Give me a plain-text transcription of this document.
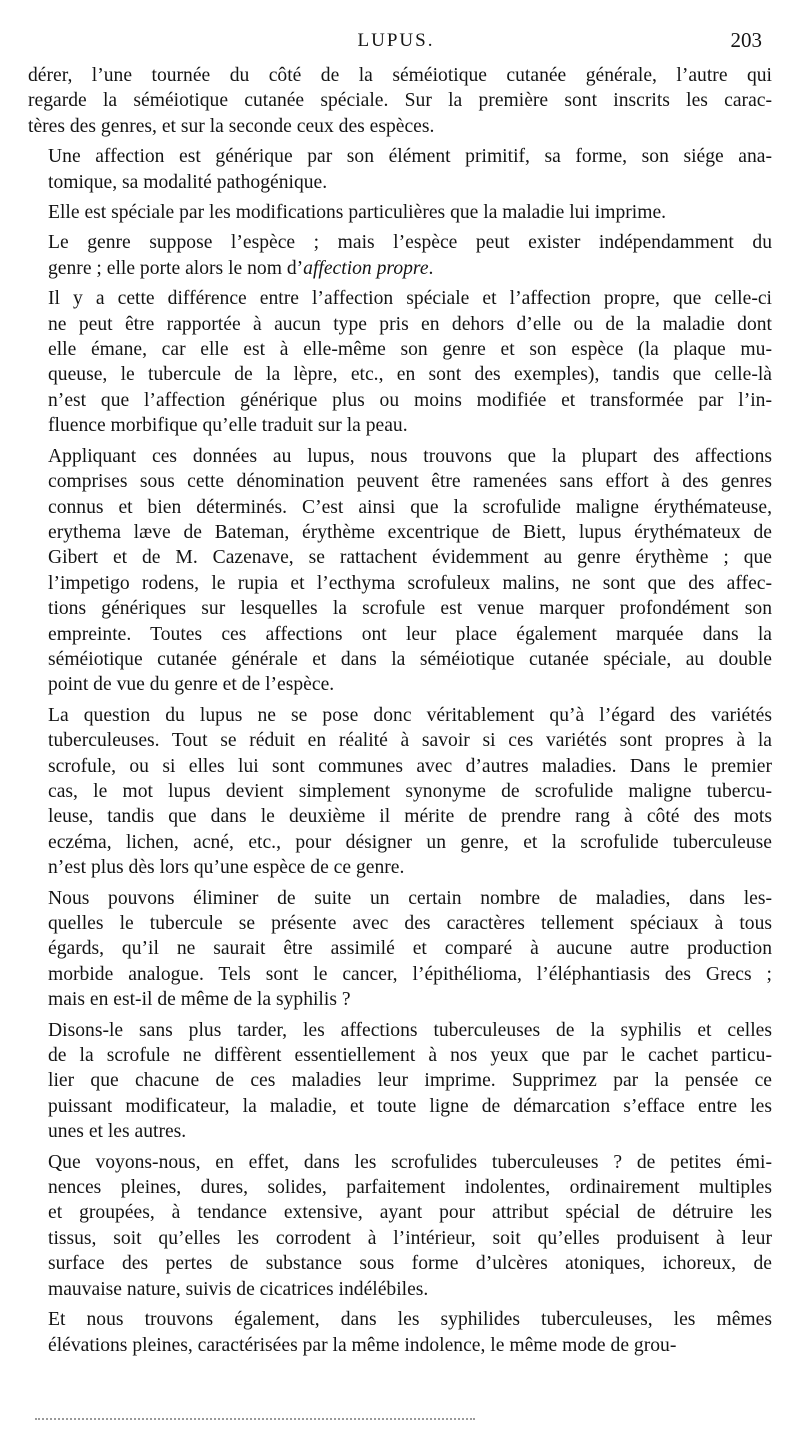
LUPUS.	203

dérer, l’une tournée du côté de la séméiotique cutanée générale, l’autre qui
regarde la séméiotique cutanée spéciale. Sur la première sont inscrits les carac-
tères des genres, et sur la seconde ceux des espèces.

Une affection est générique par son élément primitif, sa forme, son siége ana-
tomique, sa modalité pathogénique.

Elle est spéciale par les modifications particulières que la maladie lui imprime.

Le genre suppose l’espèce ; mais l’espèce peut exister indépendamment du
genre ; elle porte alors le nom d’affection propre.

Il y a cette différence entre l’affection spéciale et l’affection propre, que celle-ci
ne peut être rapportée à aucun type pris en dehors d’elle ou de la maladie dont
elle émane, car elle est à elle-même son genre et son espèce (la plaque mu-
queuse, le tubercule de la lèpre, etc., en sont des exemples), tandis que celle-là
n’est que l’affection générique plus ou moins modifiée et transformée par l’in-
fluence morbifique qu’elle traduit sur la peau.

Appliquant ces données au lupus, nous trouvons que la plupart des affections
comprises sous cette dénomination peuvent être ramenées sans effort à des genres
connus et bien déterminés. C’est ainsi que la scrofulide maligne érythémateuse,
erythema læve de Bateman, érythème excentrique de Biett, lupus érythémateux de
Gibert et de M. Cazenave, se rattachent évidemment au genre érythème ; que
l’impetigo rodens, le rupia et l’ecthyma scrofuleux malins, ne sont que des affec-
tions génériques sur lesquelles la scrofule est venue marquer profondément son
empreinte. Toutes ces affections ont leur place également marquée dans la
séméiotique cutanée générale et dans la séméiotique cutanée spéciale, au double
point de vue du genre et de l’espèce.

La question du lupus ne se pose donc véritablement qu’à l’égard des variétés
tuberculeuses. Tout se réduit en réalité à savoir si ces variétés sont propres à la
scrofule, ou si elles lui sont communes avec d’autres maladies. Dans le premier
cas, le mot lupus devient simplement synonyme de scrofulide maligne tubercu-
leuse, tandis que dans le deuxième il mérite de prendre rang à côté des mots
eczéma, lichen, acné, etc., pour désigner un genre, et la scrofulide tuberculeuse
n’est plus dès lors qu’une espèce de ce genre.

Nous pouvons éliminer de suite un certain nombre de maladies, dans les-
quelles le tubercule se présente avec des caractères tellement spéciaux à tous
égards, qu’il ne saurait être assimilé et comparé à aucune autre production
morbide analogue. Tels sont le cancer, l’épithélioma, l’éléphantiasis des Grecs ;
mais en est-il de même de la syphilis ?

Disons-le sans plus tarder, les affections tuberculeuses de la syphilis et celles
de la scrofule ne diffèrent essentiellement à nos yeux que par le cachet particu-
lier que chacune de ces maladies leur imprime. Supprimez par la pensée ce
puissant modificateur, la maladie, et toute ligne de démarcation s’efface entre les
unes et les autres.

Que voyons-nous, en effet, dans les scrofulides tuberculeuses ? de petites émi-
nences pleines, dures, solides, parfaitement indolentes, ordinairement multiples
et groupées, à tendance extensive, ayant pour attribut spécial de détruire les
tissus, soit qu’elles les corrodent à l’intérieur, soit qu’elles produisent à leur
surface des pertes de substance sous forme d’ulcères atoniques, ichoreux, de
mauvaise nature, suivis de cicatrices indélébiles.

Et nous trouvons également, dans les syphilides tuberculeuses, les mêmes
élévations pleines, caractérisées par la même indolence, le même mode de grou-
